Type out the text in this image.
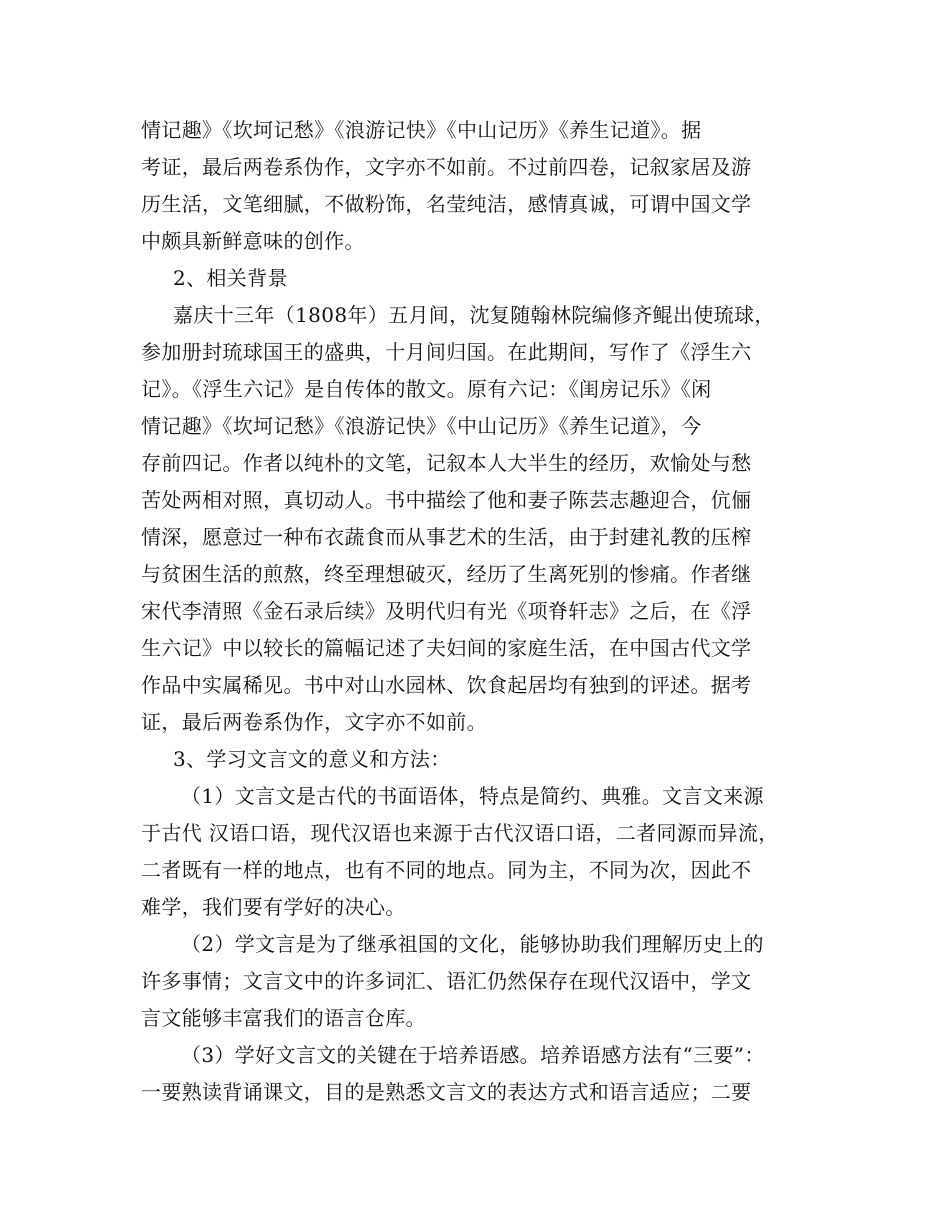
情记趣》《坎坷记愁》《浪游记快》《中山记历》《养生记道》。据
考证，最后两卷系伪作，文字亦不如前。不过前四卷，记叙家居及游
历生活，文笔细腻，不做粉饰，名莹纯洁，感情真诚，可谓中国文学
中颇具新鲜意味的创作。
2、相关背景
嘉庆十三年（1808年）五月间，沈复随翰林院编修齐鲲出使琉球，
参加册封琉球国王的盛典，十月间归国。在此期间，写作了《浮生六
记》。《浮生六记》是自传体的散文。原有六记：《闺房记乐》《闲
情记趣》《坎坷记愁》《浪游记快》《中山记历》《养生记道》，今
存前四记。作者以纯朴的文笔，记叙本人大半生的经历，欢愉处与愁
苦处两相对照，真切动人。书中描绘了他和妻子陈芸志趣迎合，伉俪
情深，愿意过一种布衣蔬食而从事艺术的生活，由于封建礼教的压榨
与贫困生活的煎熬，终至理想破灭，经历了生离死别的惨痛。作者继
宋代李清照《金石录后续》及明代归有光《项脊轩志》之后，在《浮
生六记》中以较长的篇幅记述了夫妇间的家庭生活，在中国古代文学
作品中实属稀见。书中对山水园林、饮食起居均有独到的评述。据考
证，最后两卷系伪作，文字亦不如前。
3、学习文言文的意义和方法：
（1）文言文是古代的书面语体，特点是简约、典雅。文言文来源
于古代 汉语口语，现代汉语也来源于古代汉语口语，二者同源而异流，
二者既有一样的地点，也有不同的地点。同为主，不同为次，因此不
难学，我们要有学好的决心。
（2）学文言是为了继承祖国的文化，能够协助我们理解历史上的
许多事情；文言文中的许多词汇、语汇仍然保存在现代汉语中，学文
言文能够丰富我们的语言仓库。
（3）学好文言文的关键在于培养语感。培养语感方法有“三要”：
一要熟读背诵课文，目的是熟悉文言文的表达方式和语言适应；二要
